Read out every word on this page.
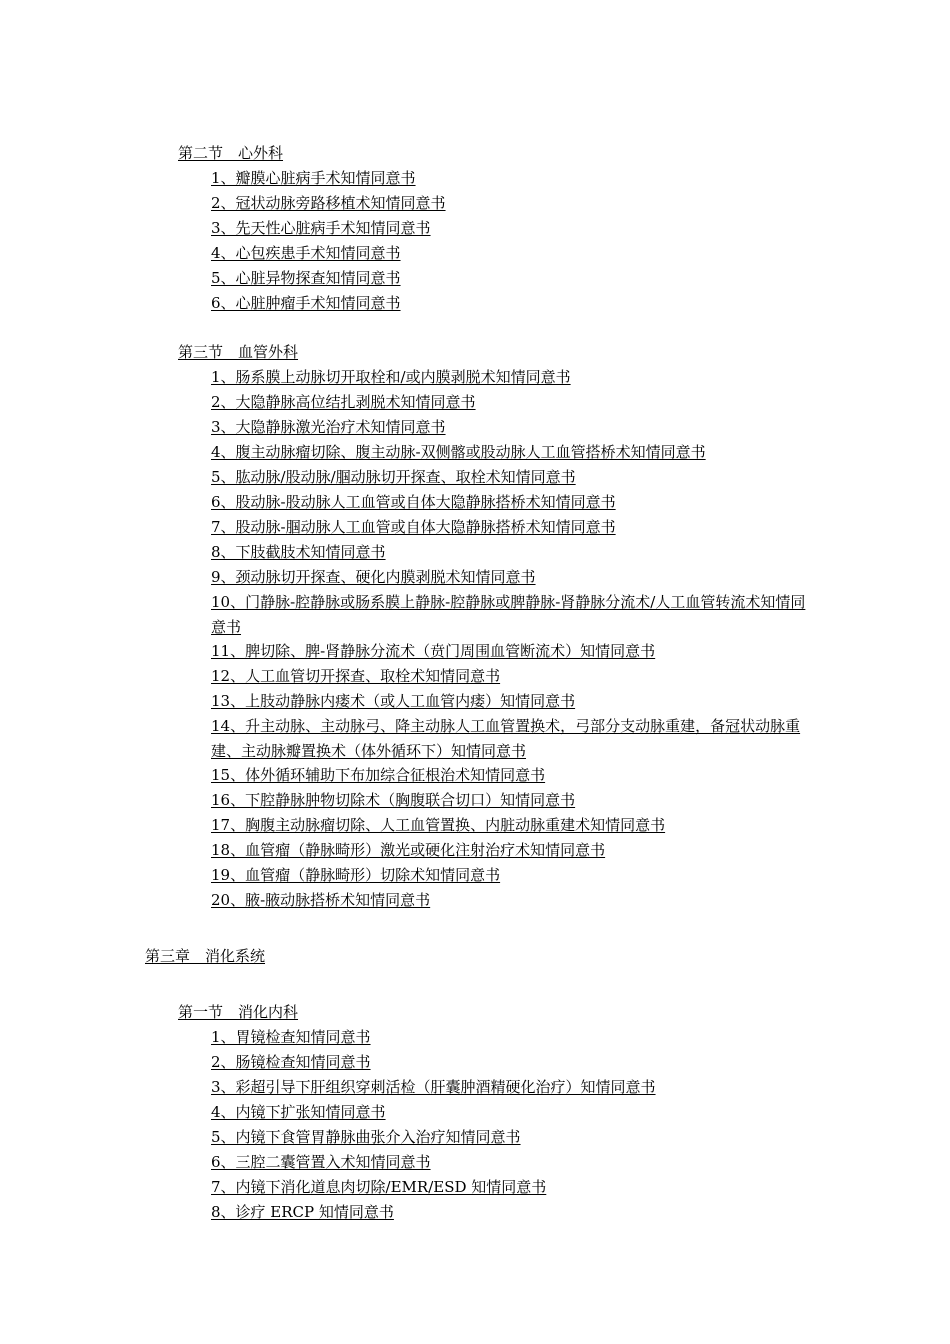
第二节　心外科
1、瓣膜心脏病手术知情同意书
2、冠状动脉旁路移植术知情同意书
3、先天性心脏病手术知情同意书
4、心包疾患手术知情同意书
5、心脏异物探查知情同意书
6、心脏肿瘤手术知情同意书
第三节　血管外科
1、肠系膜上动脉切开取栓和/或内膜剥脱术知情同意书
2、大隐静脉高位结扎剥脱术知情同意书
3、大隐静脉激光治疗术知情同意书
4、腹主动脉瘤切除、腹主动脉-双侧髂或股动脉人工血管搭桥术知情同意书
5、肱动脉/股动脉/腘动脉切开探查、取栓术知情同意书
6、股动脉-股动脉人工血管或自体大隐静脉搭桥术知情同意书
7、股动脉-腘动脉人工血管或自体大隐静脉搭桥术知情同意书
8、下肢截肢术知情同意书
9、颈动脉切开探查、硬化内膜剥脱术知情同意书
10、门静脉-腔静脉或肠系膜上静脉-腔静脉或脾静脉-肾静脉分流术/人工血管转流术知情同意书
11、脾切除、脾-肾静脉分流术（贲门周围血管断流术）知情同意书
12、人工血管切开探查、取栓术知情同意书
13、上肢动静脉内瘘术（或人工血管内瘘）知情同意书
14、升主动脉、主动脉弓、降主动脉人工血管置换术，弓部分支动脉重建，备冠状动脉重建、主动脉瓣置换术（体外循环下）知情同意书
15、体外循环辅助下布加综合征根治术知情同意书
16、下腔静脉肿物切除术（胸腹联合切口）知情同意书
17、胸腹主动脉瘤切除、人工血管置换、内脏动脉重建术知情同意书
18、血管瘤（静脉畸形）激光或硬化注射治疗术知情同意书
19、血管瘤（静脉畸形）切除术知情同意书
20、腋-腋动脉搭桥术知情同意书
第三章　消化系统
第一节　消化内科
1、胃镜检查知情同意书
2、肠镜检查知情同意书
3、彩超引导下肝组织穿刺活检（肝囊肿酒精硬化治疗）知情同意书
4、内镜下扩张知情同意书
5、内镜下食管胃静脉曲张介入治疗知情同意书
6、三腔二囊管置入术知情同意书
7、内镜下消化道息肉切除/EMR/ESD 知情同意书
8、诊疗 ERCP 知情同意书
